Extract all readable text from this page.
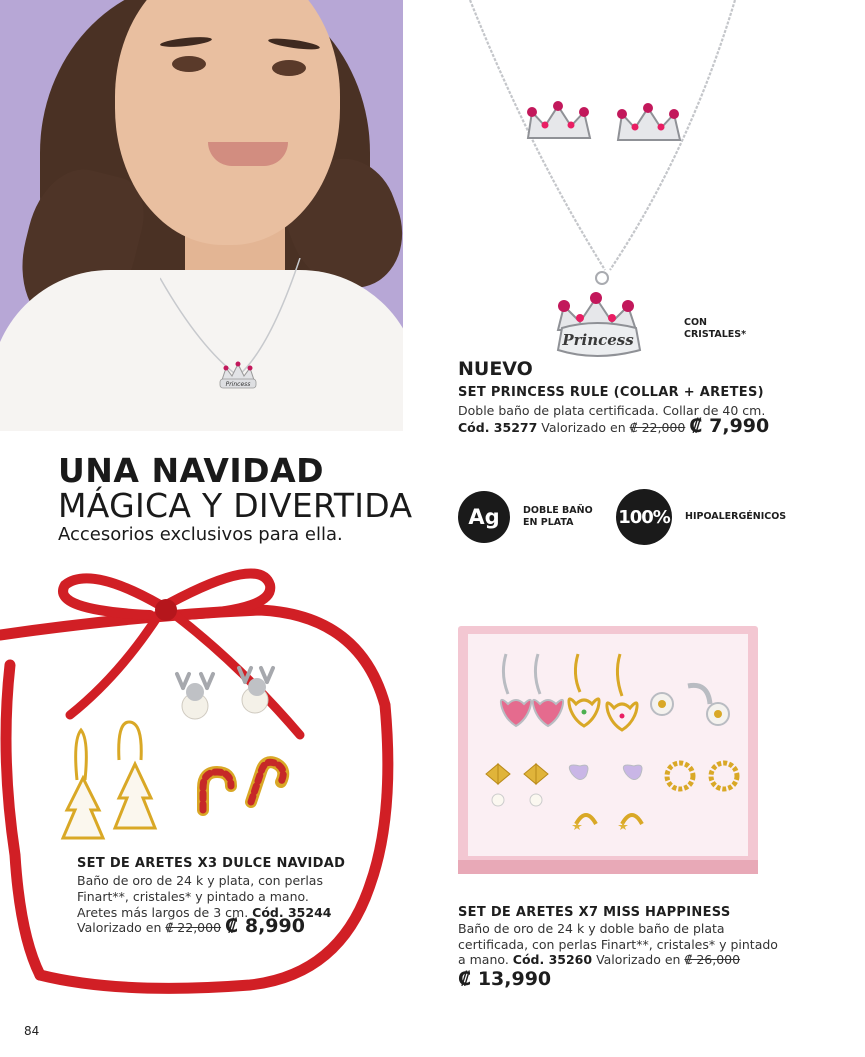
Princess
Princess
CON
CRISTALES*
NUEVO
SET PRINCESS RULE (COLLAR + ARETES)
Doble baño de plata certificada. Collar de 40 cm.
Cód. 35277 Valorizado en ₡ 22,000 ₡ 7,990
UNA NAVIDAD
MÁGICA Y DIVERTIDA
Accesorios exclusivos para ella.
Ag	DOBLE BAÑO
EN PLATA	100% HIPOALERGÉNICOS
SET DE ARETES X3 DULCE NAVIDAD
Baño de oro de 24 k y plata, con perlas
Finart**, cristales* y pintado a mano.
Aretes más largos de 3 cm. Cód. 35244
Valorizado en ₡ 22,000 ₡ 8,990
SET DE ARETES X7 MISS HAPPINESS
Baño de oro de 24 k y doble baño de plata
certificada, con perlas Finart**, cristales* y pintado
a mano. Cód. 35260 Valorizado en ₡ 26,000
₡ 13,990
84
